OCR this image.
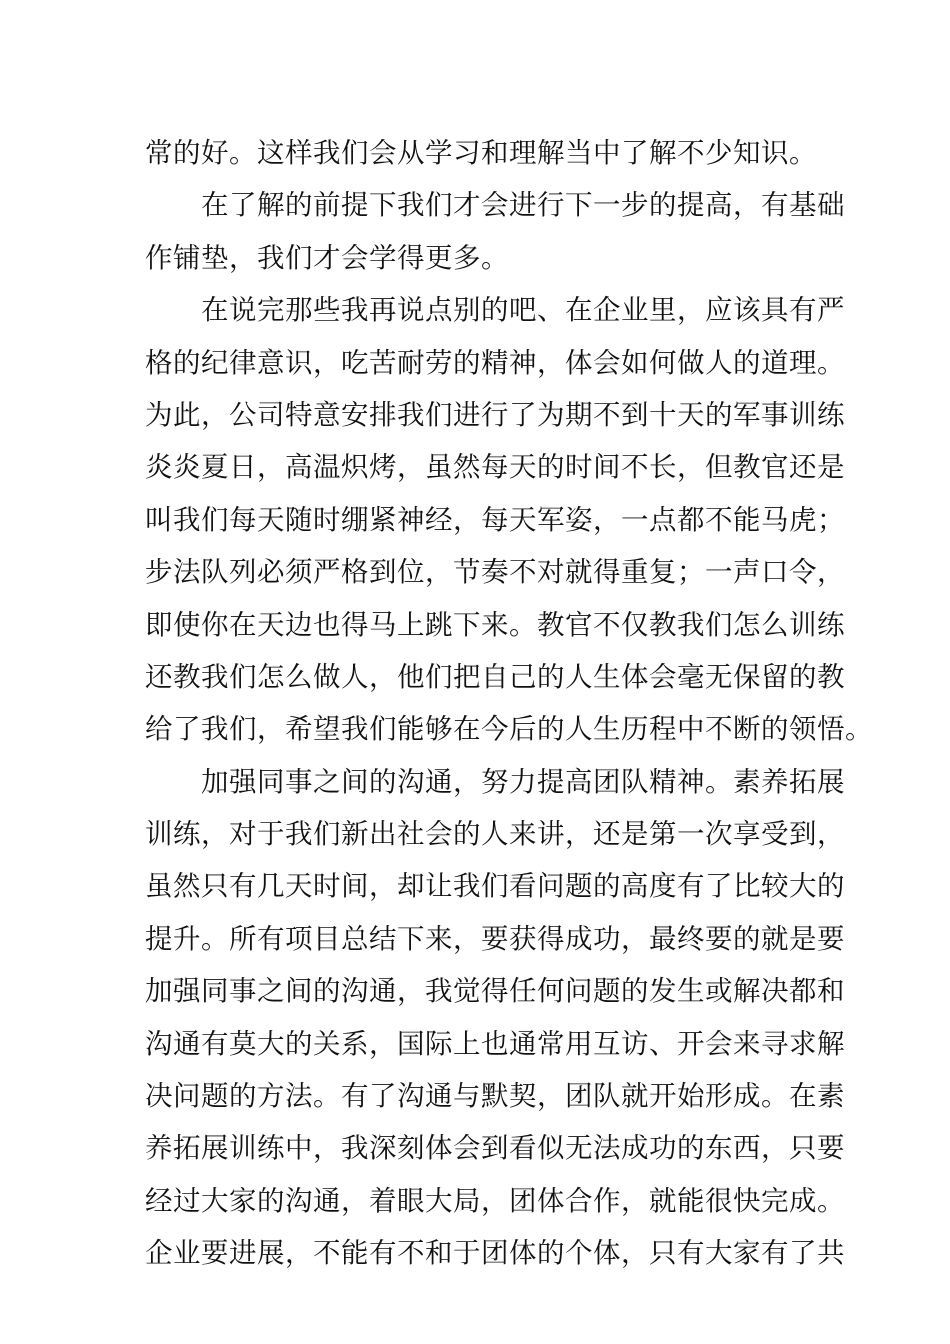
常的好。这样我们会从学习和理解当中了解不少知识。
在了解的前提下我们才会进行下一步的提高，有基础
作铺垫，我们才会学得更多。
在说完那些我再说点别的吧、在企业里，应该具有严
格的纪律意识，吃苦耐劳的精神，体会如何做人的道理。
为此，公司特意安排我们进行了为期不到十天的军事训练
炎炎夏日，高温炽烤，虽然每天的时间不长，但教官还是
叫我们每天随时绷紧神经，每天军姿，一点都不能马虎；
步法队列必须严格到位，节奏不对就得重复；一声口令，
即使你在天边也得马上跳下来。教官不仅教我们怎么训练
还教我们怎么做人，他们把自己的人生体会毫无保留的教
给了我们，希望我们能够在今后的人生历程中不断的领悟。
加强同事之间的沟通，努力提高团队精神。素养拓展
训练，对于我们新出社会的人来讲，还是第一次享受到，
虽然只有几天时间，却让我们看问题的高度有了比较大的
提升。所有项目总结下来，要获得成功，最终要的就是要
加强同事之间的沟通，我觉得任何问题的发生或解决都和
沟通有莫大的关系，国际上也通常用互访、开会来寻求解
决问题的方法。有了沟通与默契，团队就开始形成。在素
养拓展训练中，我深刻体会到看似无法成功的东西，只要
经过大家的沟通，着眼大局，团体合作，就能很快完成。
企业要进展，不能有不和于团体的个体，只有大家有了共
